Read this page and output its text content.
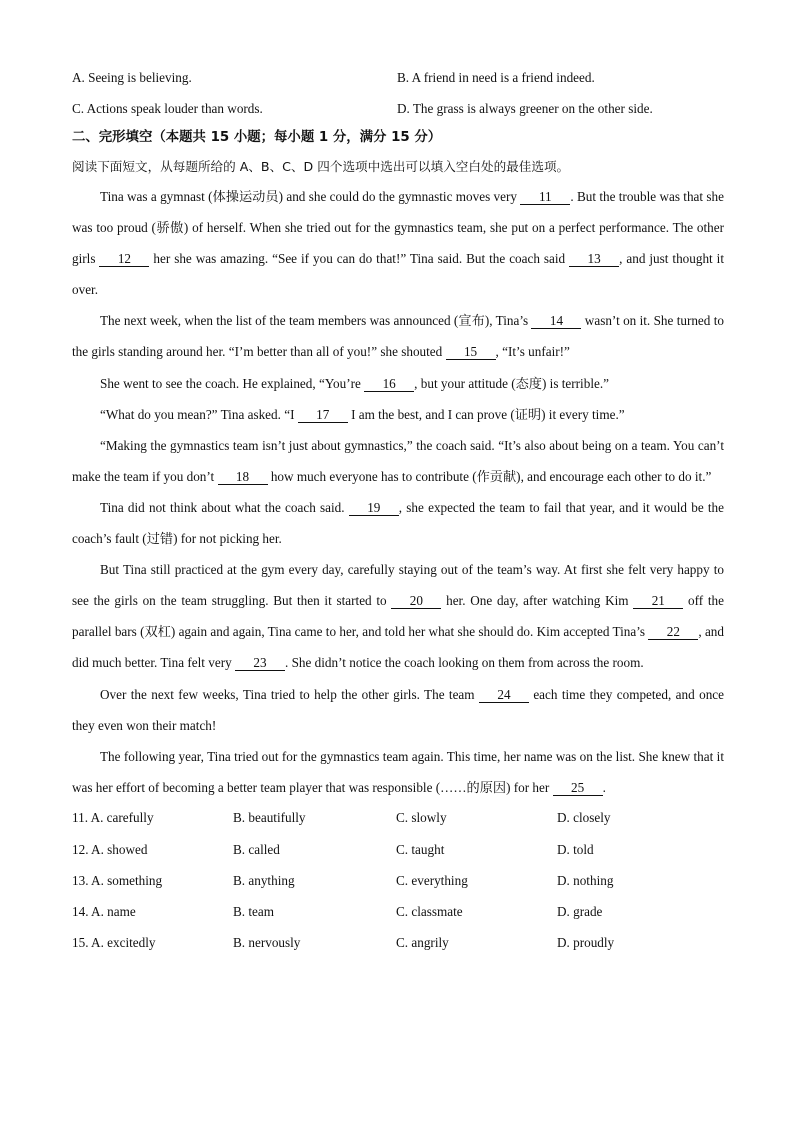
A. Seeing is believing.	B. A friend in need is a friend indeed.
C. Actions speak louder than words.	D. The grass is always greener on the other side.
二、完形填空（本题共 15 小题；每小题 1 分，满分 15 分）
阅读下面短文，从每题所给的 A、B、C、D 四个选项中选出可以填入空白处的最佳选项。

Tina was a gymnast (体操运动员) and she could do the gymnastic moves very 11 . But the trouble was that she was too proud (骄傲) of herself. When she tried out for the gymnastics team, she put on a perfect performance. The other girls 12 her she was amazing. “See if you can do that!” Tina said. But the coach said 13 , and just thought it over.

The next week, when the list of the team members was announced (宣布), Tina’s 14 wasn’t on it. She turned to the girls standing around her. “I’m better than all of you!” she shouted 15 , “It’s unfair!”

She went to see the coach. He explained, “You’re 16 , but your attitude (态度) is terrible.”

“What do you mean?” Tina asked. “I 17 I am the best, and I can prove (证明) it every time.”

“Making the gymnastics team isn’t just about gymnastics,” the coach said. “It’s also about being on a team. You can’t make the team if you don’t 18 how much everyone has to contribute (作贡献), and encourage each other to do it.”

Tina did not think about what the coach said. 19 , she expected the team to fail that year, and it would be the coach’s fault (过错) for not picking her.

But Tina still practiced at the gym every day, carefully staying out of the team’s way. At first she felt very happy to see the girls on the team struggling. But then it started to 20 her. One day, after watching Kim 21 off the parallel bars (双杠) again and again, Tina came to her, and told her what she should do. Kim accepted Tina’s 22 , and did much better. Tina felt very 23 . She didn’t notice the coach looking on them from across the room.

Over the next few weeks, Tina tried to help the other girls. The team 24 each time they competed, and once they even won their match!

The following year, Tina tried out for the gymnastics team again. This time, her name was on the list. She knew that it was her effort of becoming a better team player that was responsible (……的原因) for her 25 .

11. A. carefully	B. beautifully	C. slowly	D. closely
12. A. showed	B. called	C. taught	D. told
13. A. something	B. anything	C. everything	D. nothing
14. A. name	B. team	C. classmate	D. grade
15. A. excitedly	B. nervously	C. angrily	D. proudly
